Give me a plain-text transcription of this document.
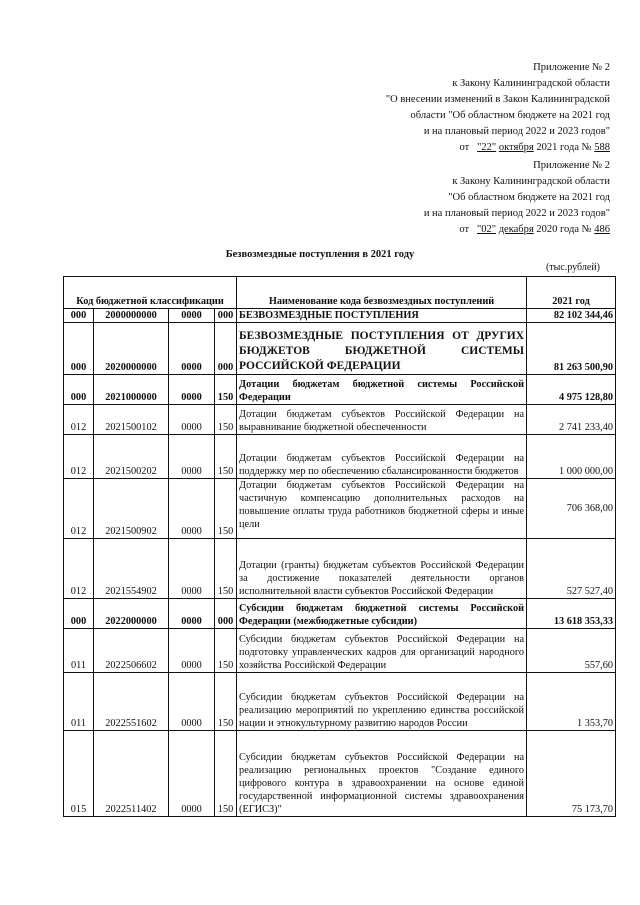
Приложение № 2
к Закону Калининградской области
"О внесении изменений в Закон Калининградской
области "Об областном бюджете на 2021 год
и на плановый период 2022 и 2023 годов"
от "22" октября 2021 года № 588
Приложение № 2
к Закону Калининградской области
"Об областном бюджете на 2021 год
и на плановый период 2022 и 2023 годов"
от "02" декабря 2020 года № 486
Безвозмездные поступления в 2021 году
(тыс.рублей)
Код бюджетной классификации				Наименование кода безвозмездных поступлений	2021 год
000	2000000000	0000	000	БЕЗВОЗМЕЗДНЫЕ ПОСТУПЛЕНИЯ	82 102 344,46
000	2020000000	0000	000	БЕЗВОЗМЕЗДНЫЕ ПОСТУПЛЕНИЯ ОТ ДРУГИХ БЮДЖЕТОВ БЮДЖЕТНОЙ СИСТЕМЫ РОССИЙСКОЙ ФЕДЕРАЦИИ	81 263 500,90
000	2021000000	0000	150	Дотации бюджетам бюджетной системы Российской Федерации	4 975 128,80
012	2021500102	0000	150	Дотации бюджетам субъектов Российской Федерации на выравнивание бюджетной обеспеченности	2 741 233,40
012	2021500202	0000	150	Дотации бюджетам субъектов Российской Федерации на поддержку мер по обеспечению сбалансированности бюджетов	1 000 000,00
012	2021500902	0000	150	Дотации бюджетам субъектов Российской Федерации на частичную компенсацию дополнительных расходов на повышение оплаты труда работников бюджетной сферы и иные цели	706 368,00
012	2021554902	0000	150	Дотации (гранты) бюджетам субъектов Российской Федерации за достижение показателей деятельности органов исполнительной власти субъектов Российской Федерации	527 527,40
000	2022000000	0000	000	Субсидии бюджетам бюджетной системы Российской Федерации (межбюджетные субсидии)	13 618 353,33
011	2022506602	0000	150	Субсидии бюджетам субъектов Российской Федерации на подготовку управленческих кадров для организаций народного хозяйства Российской Федерации	557,60
011	2022551602	0000	150	Субсидии бюджетам субъектов Российской Федерации на реализацию мероприятий по укреплению единства российской нации и этнокультурному развитию народов России	1 353,70
015	2022511402	0000	150	Субсидии бюджетам субъектов Российской Федерации на реализацию региональных проектов "Создание единого цифрового контура в здравоохранении на основе единой государственной информационной системы здравоохранения (ЕГИСЗ)"	75 173,70
